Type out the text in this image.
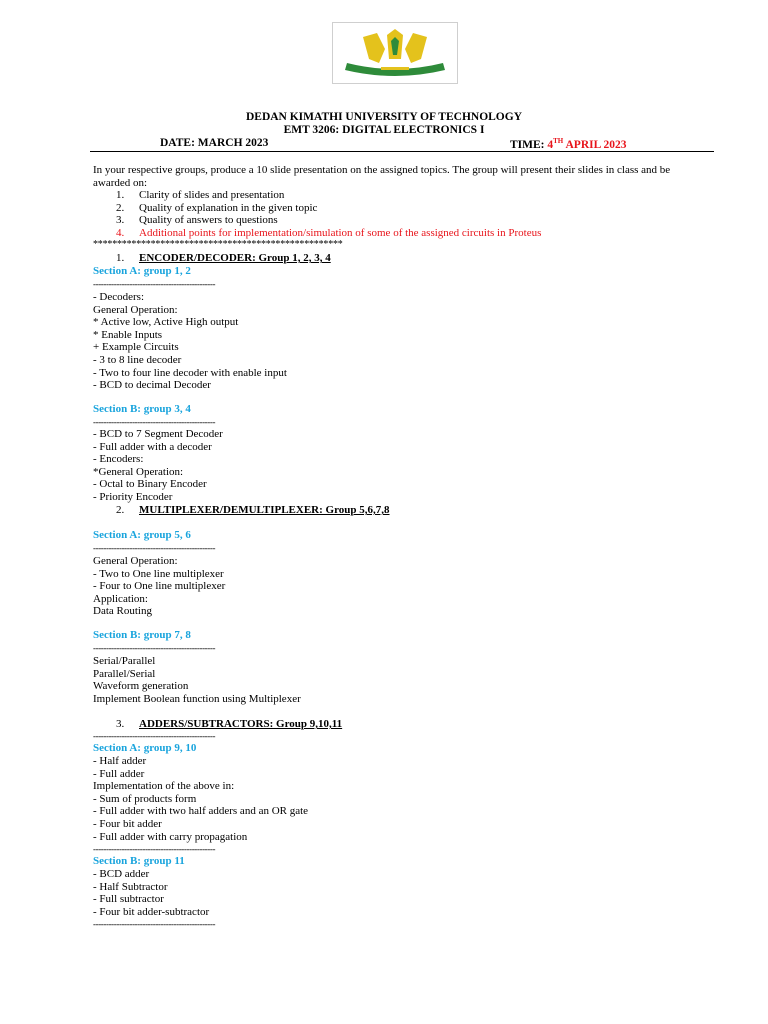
DEDAN KIMATHI UNIVERSITY OF TECHNOLOGY
EMT 3206: DIGITAL ELECTRONICS I
DATE: MARCH 2023	TIME: 4TH APRIL 2023
In your respective groups, produce a 10 slide presentation on the assigned topics. The group will present their slides in class and be awarded on:
1. Clarity of slides and presentation
2. Quality of explanation in the given topic
3. Quality of answers to questions
4. Additional points for implementation/simulation of some of the assigned circuits in Proteus
****************************************************
1. ENCODER/DECODER: Group 1, 2, 3, 4
Section A: group 1, 2
-----------------------------------------------
- Decoders:
General Operation:
* Active low, Active High output
* Enable Inputs
+ Example Circuits
- 3 to 8 line decoder
- Two to four line decoder with enable input
- BCD to decimal Decoder
Section B: group 3, 4
-----------------------------------------------
- BCD to 7 Segment Decoder
- Full adder with a decoder
- Encoders:
*General Operation:
- Octal to Binary Encoder
- Priority Encoder
2. MULTIPLEXER/DEMULTIPLEXER: Group 5,6,7,8
Section A: group 5, 6
-----------------------------------------------
General Operation:
- Two to One line multiplexer
- Four to One line multiplexer
Application:
Data Routing
Section B: group 7, 8
-----------------------------------------------
Serial/Parallel
Parallel/Serial
Waveform generation
Implement Boolean function using Multiplexer
3. ADDERS/SUBTRACTORS: Group 9,10,11
-----------------------------------------------
Section A: group 9, 10
- Half adder
- Full adder
Implementation of the above in:
- Sum of products form
- Full adder with two half adders and an OR gate
- Four bit adder
- Full adder with carry propagation
-----------------------------------------------
Section B: group 11
- BCD adder
- Half Subtractor
- Full subtractor
- Four bit adder-subtractor
-----------------------------------------------
